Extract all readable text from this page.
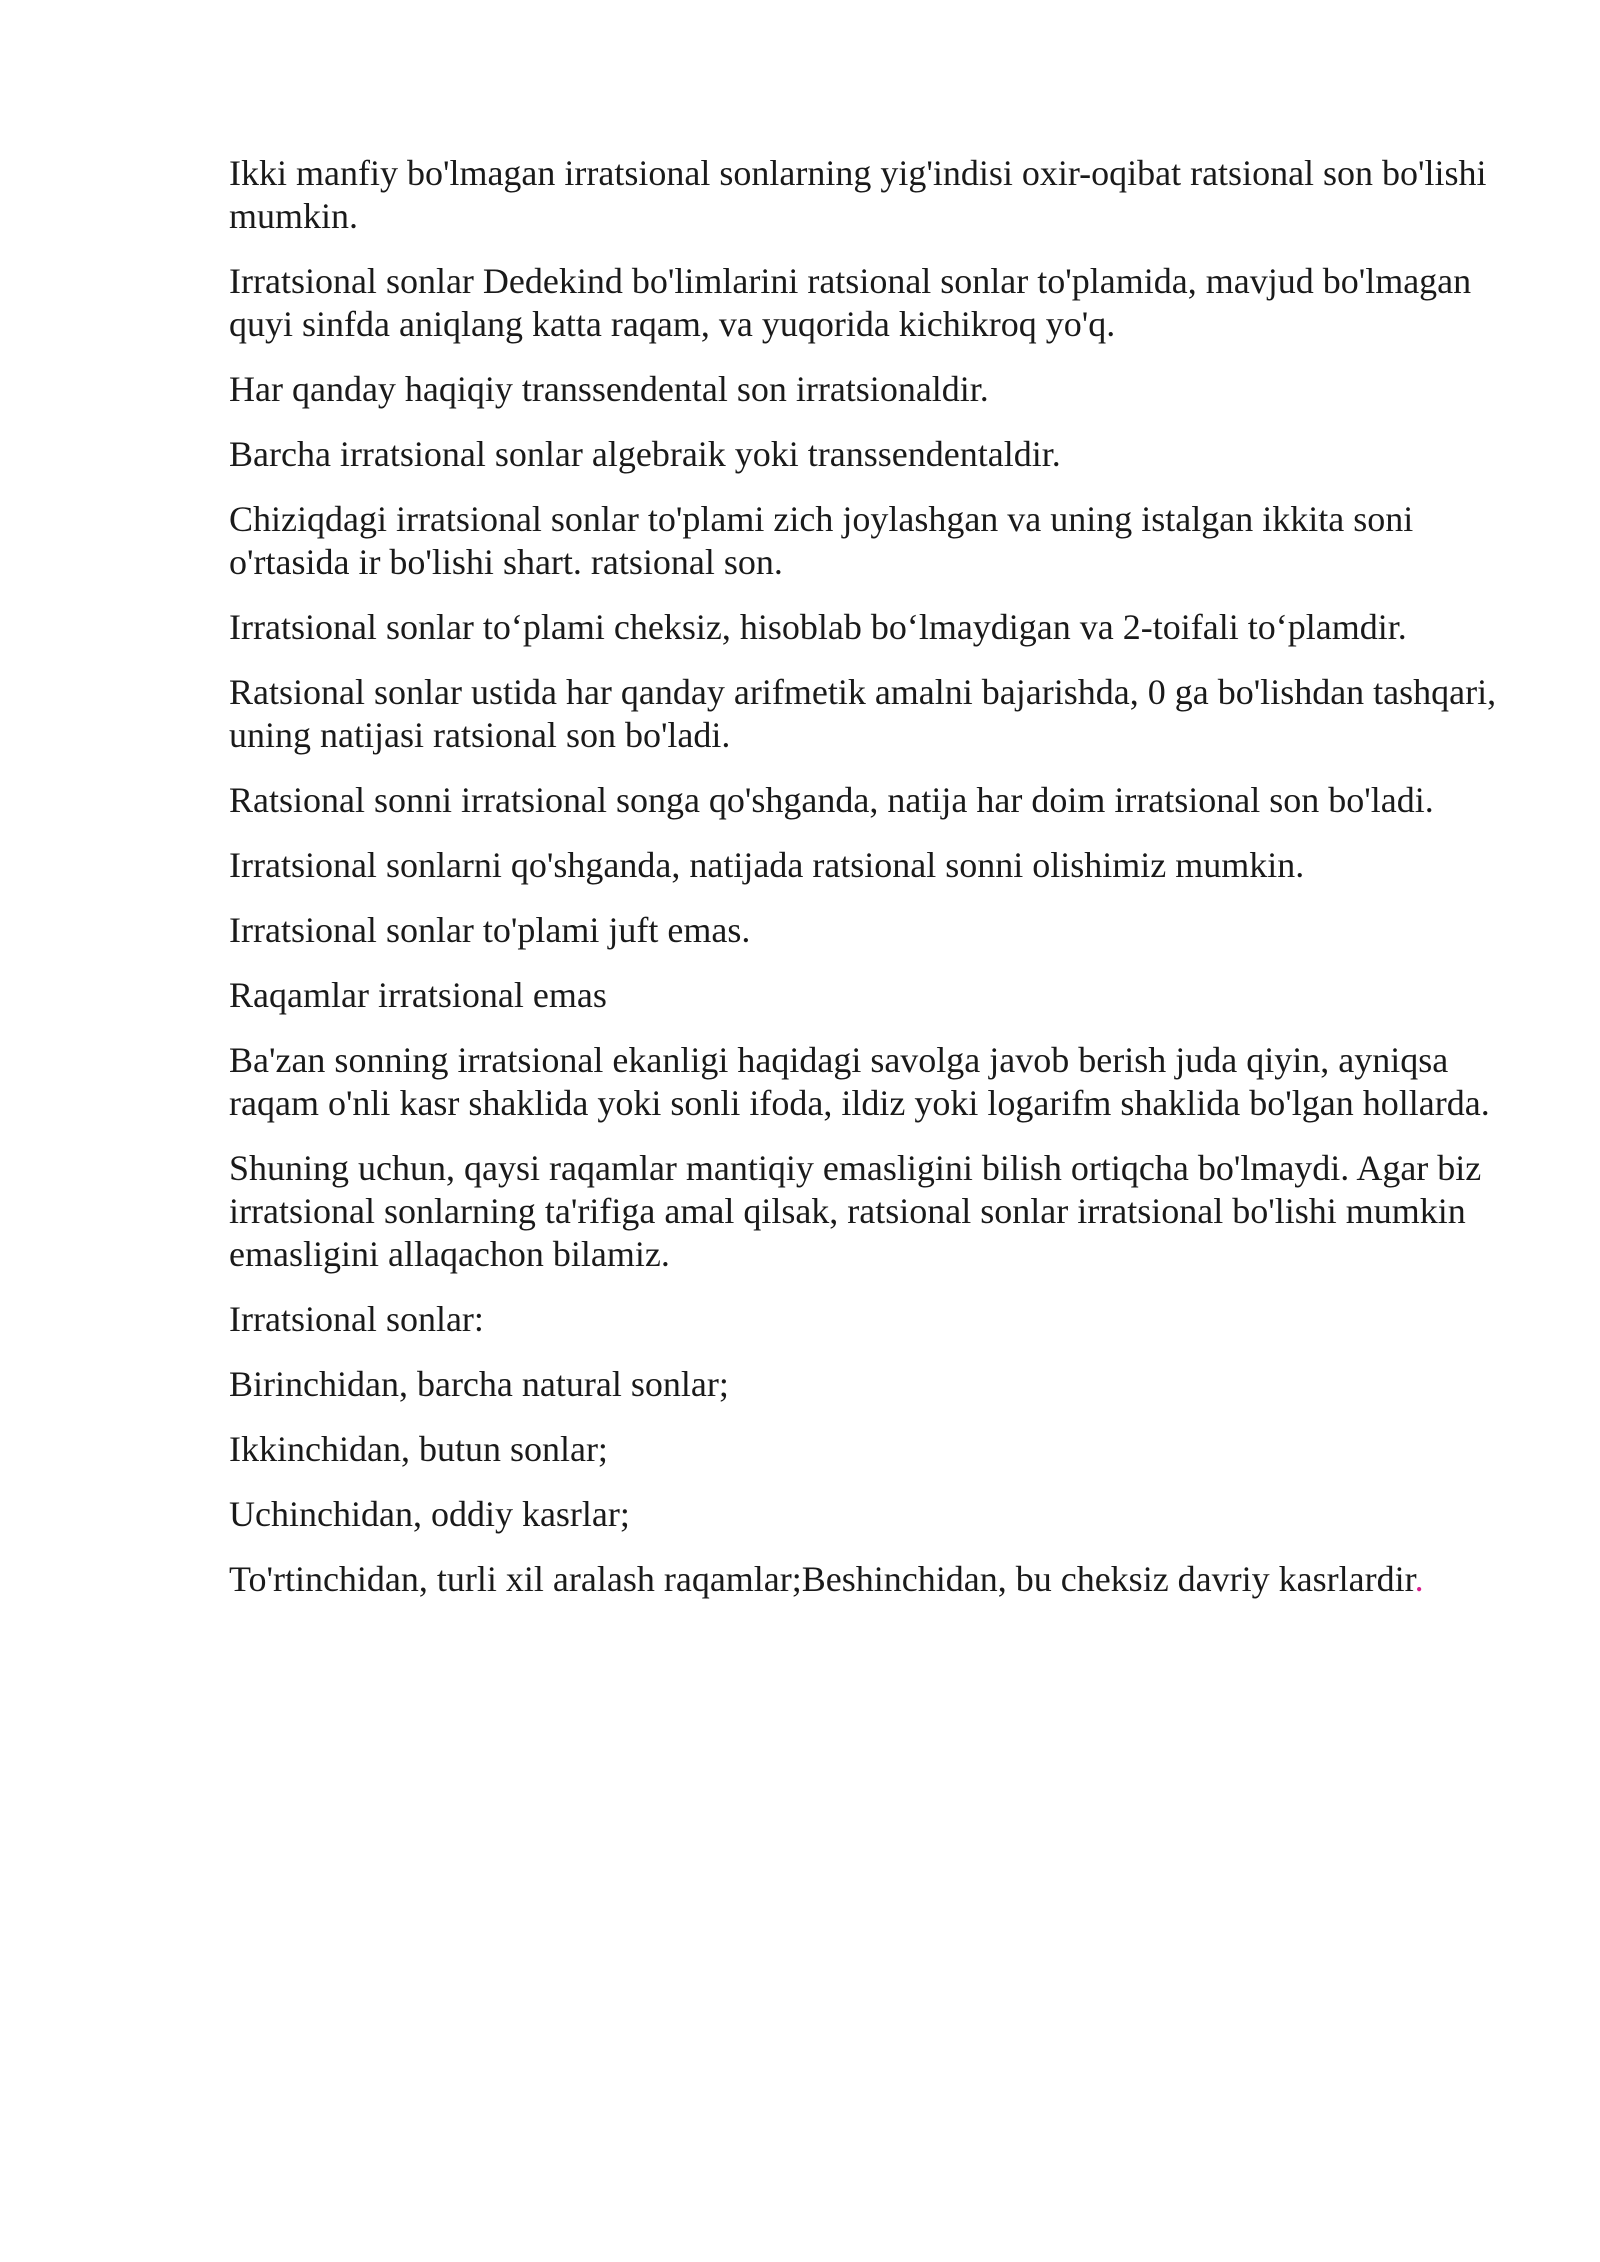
Ikki manfiy bo'lmagan irratsional sonlarning yig'indisi oxir-oqibat ratsional son bo'lishi mumkin.

Irratsional sonlar Dedekind bo'limlarini ratsional sonlar to'plamida, mavjud bo'lmagan quyi sinfda aniqlang katta raqam, va yuqorida kichikroq yo'q.

Har qanday haqiqiy transsendental son irratsionaldir.

Barcha irratsional sonlar algebraik yoki transsendentaldir.

Chiziqdagi irratsional sonlar to'plami zich joylashgan va uning istalgan ikkita soni o'rtasida ir bo'lishi shart. ratsional son.

Irratsional sonlar to‘plami cheksiz, hisoblab bo‘lmaydigan va 2-toifali to‘plamdir.

Ratsional sonlar ustida har qanday arifmetik amalni bajarishda, 0 ga bo'lishdan tashqari, uning natijasi ratsional son bo'ladi.

Ratsional sonni irratsional songa qo'shganda, natija har doim irratsional son bo'ladi.

Irratsional sonlarni qo'shganda, natijada ratsional sonni olishimiz mumkin.

Irratsional sonlar to'plami juft emas.

Raqamlar irratsional emas

Ba'zan sonning irratsional ekanligi haqidagi savolga javob berish juda qiyin, ayniqsa raqam o'nli kasr shaklida yoki sonli ifoda, ildiz yoki logarifm shaklida bo'lgan hollarda.

Shuning uchun, qaysi raqamlar mantiqiy emasligini bilish ortiqcha bo'lmaydi. Agar biz irratsional sonlarning ta'rifiga amal qilsak, ratsional sonlar irratsional bo'lishi mumkin emasligini allaqachon bilamiz.

Irratsional sonlar:

Birinchidan, barcha natural sonlar;

Ikkinchidan, butun sonlar;

Uchinchidan, oddiy kasrlar;

To'rtinchidan, turli xil aralash raqamlar;Beshinchidan, bu cheksiz davriy kasrlardir.
